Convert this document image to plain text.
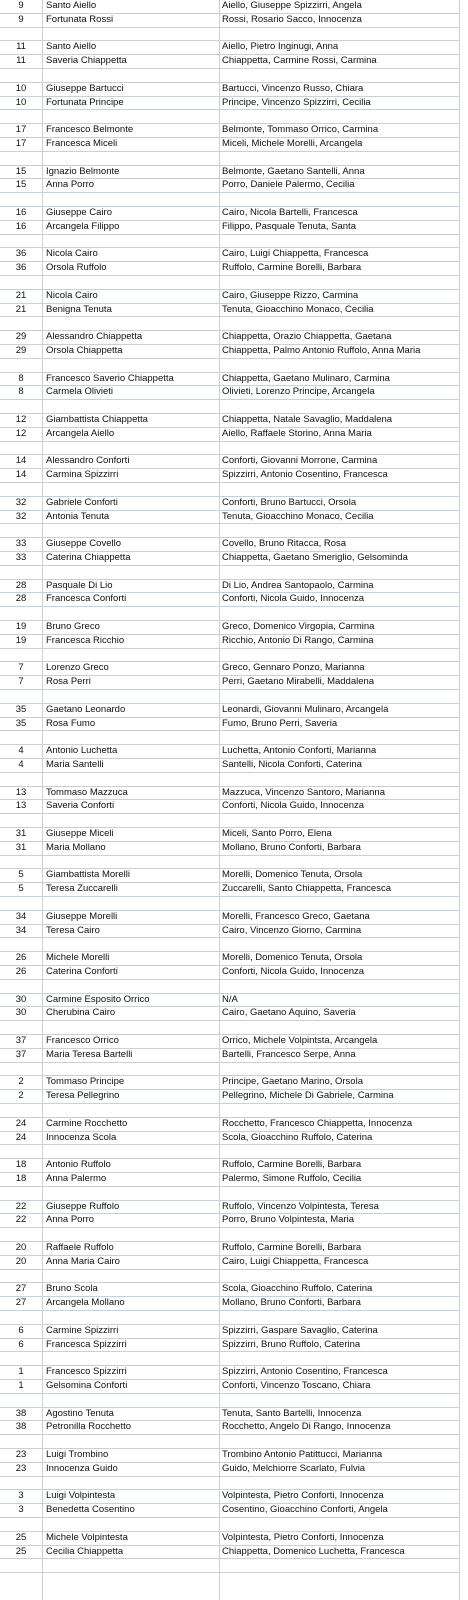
9	Santo Aiello	Aiello, Giuseppe Spizzirri, Angela
9	Fortunata Rossi	Rossi, Rosario Sacco, Innocenza
11	Santo Aiello	Aiello, Pietro Inginugi, Anna
11	Saveria Chiappetta	Chiappetta, Carmine Rossi, Carmina
10	Giuseppe Bartucci	Bartucci, Vincenzo Russo, Chiara
10	Fortunata Principe	Principe, Vincenzo Spizzirri, Cecilia
17	Francesco Belmonte	Belmonte, Tommaso Orrico, Carmina
17	Francesca Miceli	Miceli, Michele Morelli, Arcangela
15	Ignazio Belmonte	Belmonte, Gaetano Santelli, Anna
15	Anna Porro	Porro, Daniele Palermo, Cecilia
16	Giuseppe Cairo	Cairo, Nicola Bartelli, Francesca
16	Arcangela Filippo	Filippo, Pasquale Tenuta, Santa
36	Nicola Cairo	Cairo, Luigi Chiappetta, Francesca
36	Orsola Ruffolo	Ruffolo, Carmine Borelli, Barbara
21	Nicola Cairo	Cairo, Giuseppe Rizzo, Carmina
21	Benigna Tenuta	Tenuta, Gioacchino Monaco, Cecilia
29	Alessandro Chiappetta	Chiappetta, Orazio Chiappetta, Gaetana
29	Orsola Chiappetta	Chiappetta, Palmo Antonio Ruffolo, Anna Maria
8	Francesco Saverio Chiappetta	Chiappetta, Gaetano Mulinaro, Carmina
8	Carmela Olivieti	Olivieti, Lorenzo Principe, Arcangela
12	Giambattista Chiappetta	Chiappetta, Natale Savaglio, Maddalena
12	Arcangela Aiello	Aiello, Raffaele Storino, Anna Maria
14	Alessandro Conforti	Conforti, Giovanni Morrone, Carmina
14	Carmina Spizzirri	Spizzirri, Antonio Cosentino, Francesca
32	Gabriele Conforti	Conforti, Bruno Bartucci, Orsola
32	Antonia Tenuta	Tenuta, Gioacchino Monaco, Cecilia
33	Giuseppe Covello	Covello, Bruno Ritacca, Rosa
33	Caterina Chiappetta	Chiappetta, Gaetano Smeriglio, Gelsominda
28	Pasquale Di Lio	Di Lio, Andrea Santopaolo, Carmina
28	Francesca Conforti	Conforti, Nicola Guido, Innocenza
19	Bruno Greco	Greco, Domenico Virgopia, Carmina
19	Francesca Ricchio	Ricchio, Antonio Di Rango, Carmina
7	Lorenzo Greco	Greco, Gennaro Ponzo, Marianna
7	Rosa Perri	Perri, Gaetano Mirabelli, Maddalena
35	Gaetano Leonardo	Leonardi, Giovanni Mulinaro, Arcangela
35	Rosa Fumo	Fumo, Bruno Perri, Saveria
4	Antonio Luchetta	Luchetta, Antonio Conforti, Marianna
4	Maria Santelli	Santelli, Nicola Conforti, Caterina
13	Tommaso Mazzuca	Mazzuca, Vincenzo Santoro, Marianna
13	Saveria Conforti	Conforti, Nicola Guido, Innocenza
31	Giuseppe Miceli	Miceli, Santo Porro, Elena
31	Maria Mollano	Mollano, Bruno Conforti, Barbara
5	Giambattista Morelli	Morelli, Domenico Tenuta, Orsola
5	Teresa Zuccarelli	Zuccarelli, Santo Chiappetta, Francesca
34	Giuseppe Morelli	Morelli, Francesco Greco, Gaetana
34	Teresa Cairo	Cairo, Vincenzo Giorno, Carmina
26	Michele Morelli	Morelli, Domenico Tenuta, Orsola
26	Caterina Conforti	Conforti, Nicola Guido, Innocenza
30	Carmine Esposito Orrico	N/A
30	Cherubina Cairo	Cairo, Gaetano Aquino, Saveria
37	Francesco Orrico	Orrico, Michele Volpintsta, Arcangela
37	Maria Teresa Bartelli	Bartelli, Francesco Serpe, Anna
2	Tommaso Principe	Principe, Gaetano Marino, Orsola
2	Teresa Pellegrino	Pellegrino, Michele Di Gabriele, Carmina
24	Carmine Rocchetto	Rocchetto, Francesco Chiappetta, Innocenza
24	Innocenza Scola	Scola, Gioacchino Ruffolo, Caterina
18	Antonio Ruffolo	Ruffolo, Carmine Borelli, Barbara
18	Anna Palermo	Palermo, Simone Ruffolo, Cecilia
22	Giuseppe Ruffolo	Ruffolo, Vincenzo Volpintesta, Teresa
22	Anna Porro	Porro, Bruno Volpintesta, Maria
20	Raffaele Ruffolo	Ruffolo, Carmine Borelli, Barbara
20	Anna Maria Cairo	Cairo, Luigi Chiappetta, Francesca
27	Bruno Scola	Scola, Gioacchino Ruffolo, Caterina
27	Arcangela Mollano	Mollano, Bruno Conforti, Barbara
6	Carmine Spizzirri	Spizzirri, Gaspare Savaglio, Caterina
6	Francesca Spizzirri	Spizzirri, Bruno Ruffolo, Caterina
1	Francesco Spizzirri	Spizzirri, Antonio Cosentino, Francesca
1	Gelsomina Conforti	Conforti, Vincenzo Toscano, Chiara
38	Agostino Tenuta	Tenuta, Santo Bartelli, Innocenza
38	Petronilla Rocchetto	Rocchetto, Angelo Di Rango, Innocenza
23	Luigi Trombino	Trombino Antonio Patittucci, Marianna
23	Innocenza Guido	Guido, Melchiorre Scarlato, Fulvia
3	Luigi Volpintesta	Volpintesta, Pietro Conforti, Innocenza
3	Benedetta Cosentino	Cosentino, Gioacchino Conforti, Angela
25	Michele Volpintesta	Volpintesta, Pietro Conforti, Innocenza
25	Cecilia Chiappetta	Chiappetta, Domenico Luchetta, Francesca
